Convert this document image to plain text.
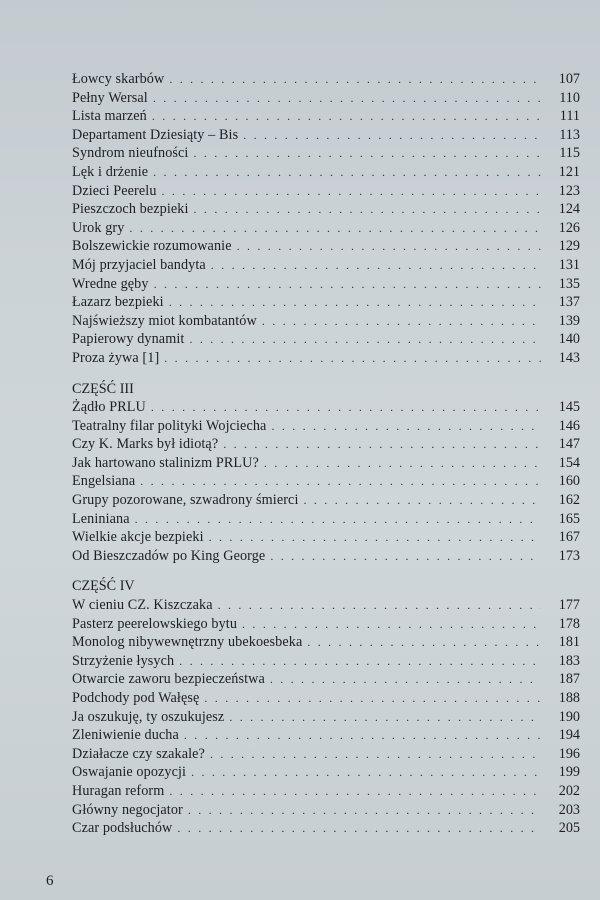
Łowcy skarbów . . .	107
Pełny Wersal . . .	110
Lista marzeń . . .	111
Departament Dziesiąty – Bis . . .	113
Syndrom nieufności . . .	115
Lęk i drżenie . . .	121
Dzieci Peerelu . . .	123
Pieszczoch bezpieki . . .	124
Urok gry . . .	126
Bolszewickie rozumowanie . . .	129
Mój przyjaciel bandyta . . .	131
Wredne gęby . . .	135
Łazarz bezpieki . . .	137
Najświeższy miot kombatantów . . .	139
Papierowy dynamit . . .	140
Proza żywa [1] . . .	143
CZĘŚĆ III
Żądło PRLU . . .	145
Teatralny filar polityki Wojciecha . . .	146
Czy K. Marks był idiotą? . . .	147
Jak hartowano stalinizm PRLU? . . .	154
Engelsiana . . .	160
Grupy pozorowane, szwadrony śmierci . . .	162
Leniniana . . .	165
Wielkie akcje bezpieki . . .	167
Od Bieszczadów po King George . . .	173
CZĘŚĆ IV
W cieniu CZ. Kiszczaka . . .	177
Pasterz peerelowskiego bytu . . .	178
Monolog nibywewnętrzny ubekoesbeka . . .	181
Strzyżenie łysych . . .	183
Otwarcie zaworu bezpieczeństwa . . .	187
Podchody pod Wałęsę . . .	188
Ja oszukuję, ty oszukujesz . . .	190
Zleniwienie ducha . . .	194
Działacze czy szakale? . . .	196
Oswajanie opozycji . . .	199
Huragan reform . . .	202
Główny negocjator . . .	203
Czar podsłuchów . . .	205
6
